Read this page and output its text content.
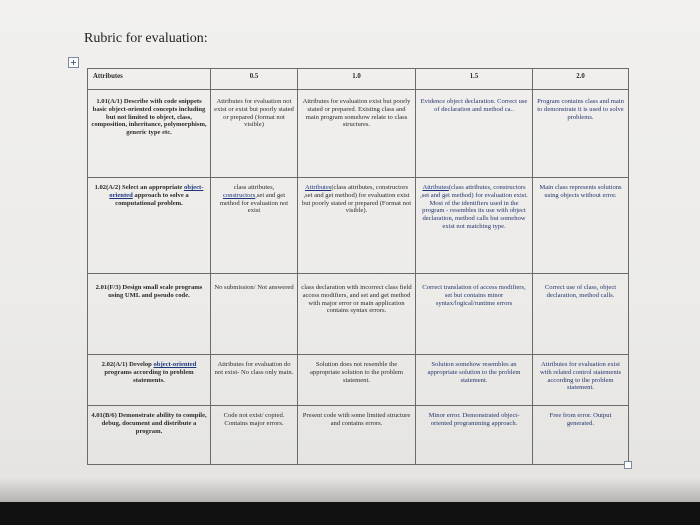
Rubric for evaluation:
Attributes	0.5	1.0	1.5	2.0
1.01(A/1) Describe with code snippets basic object-oriented concepts including but not limited to object, class, composition, inheritance, polymorphism, generic type etc.	Attributes for evaluation not exist or exist but poorly stated or prepared (format not visible)	Attributes for evaluation exist but poorly stated or prepared. Existing class and main program somehow relate to class structures.	Evidence object declaration. Correct use of declaration and method ca..	Program contains class and main to demonstrate it is used to solve problems.
1.02(A/2) Select an appropriate object-oriented approach to solve a computational problem.	class attributes, constructors,set and get method for evaluation not exist	Attributes(class attributes, constructors ,set and get method) for evaluation exist but poorly stated or prepared (Format not visible).	Attributes(class attributes, constructors ,set and get method) for evaluation exist. Most of the identifiers used in the program - resembles its use with object declaration, method calls but somehow exist not matching type.	Main class represents solutions using objects without error.
2.01(F/3) Design small scale programs using UML and pseudo code.	No submission/ Not answered	class declaration with incorrect class field access modifiers, and set and get method with major error or main application contains syntax errors.	Correct translation of access modifiers, set but contains minor syntax/logical/runtime errors	Correct use of class, object declaration, method calls.
2.02(A/1) Develop object-oriented programs according to problem statements.	Attributes for evaluation do not exist- No class only main.	Solution does not resemble the appropriate solution to the problem statement.	Solution somehow resembles an appropriate solution to the problem statement.	Attributes for evaluation exist with related control statements according to the problem statement.
4.01(B/6) Demonstrate ability to compile, debug, document and distribute a program.	Code not exist/ copied. Contains major errors.	Present code with some limited structure and contains errors.	Minor error. Demonstrated object-oriented programming approach.	Free from error. Output generated.
